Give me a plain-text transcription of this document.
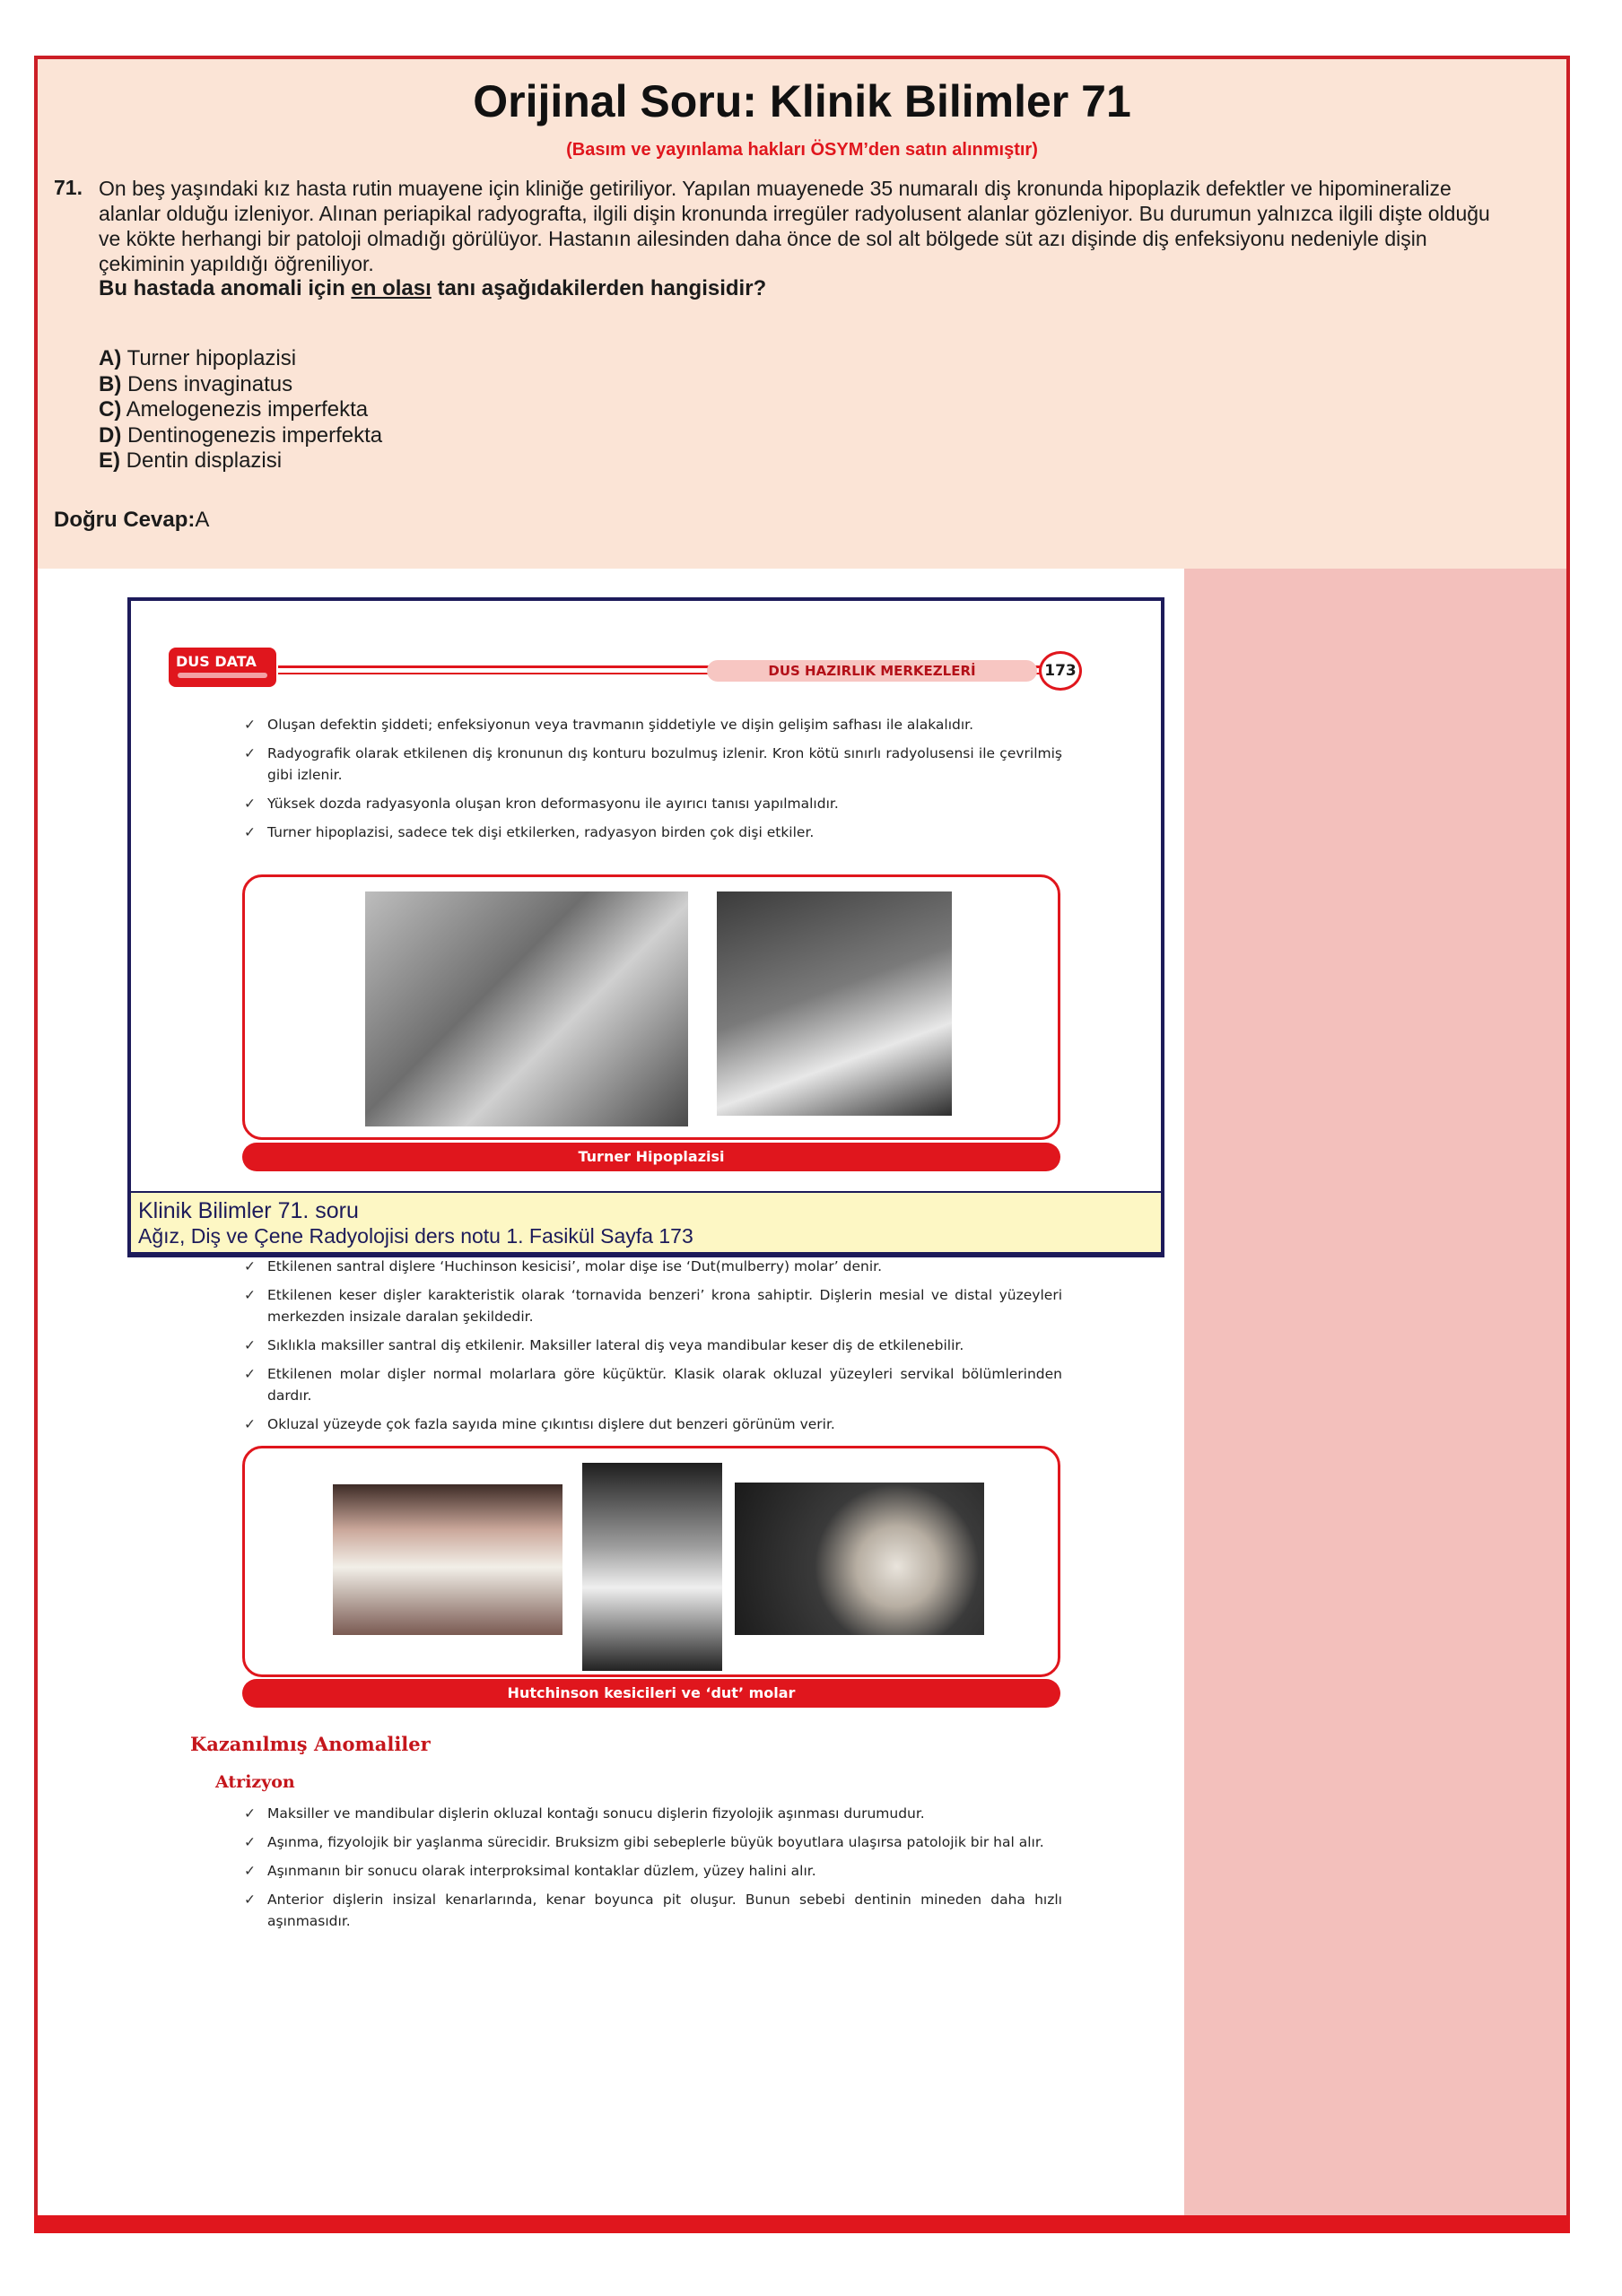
Orijinal Soru: Klinik Bilimler 71
(Basım ve yayınlama hakları ÖSYM’den satın alınmıştır)
71. On beş yaşındaki kız hasta rutin muayene için kliniğe getiriliyor. Yapılan muayenede 35 numaralı diş kronunda hipoplazik defektler ve hipomineralize alanlar olduğu izleniyor. Alınan periapikal radyografta, ilgili dişin kronunda irregüler radyolusent alanlar gözleniyor. Bu durumun yalnızca ilgili dişte olduğu ve kökte herhangi bir patoloji olmadığı görülüyor. Hastanın ailesinden daha önce de sol alt bölgede süt azı dişinde diş enfeksiyonu nedeniyle dişin çekiminin yapıldığı öğreniliyor.
Bu hastada anomali için en olası tanı aşağıdakilerden hangisidir?
A) Turner hipoplazisi
B) Dens invaginatus
C) Amelogenezis imperfekta
D) Dentinogenezis imperfekta
E) Dentin displazisi
Doğru Cevap:A
DUS DATA
DUS HAZIRLIK MERKEZLERİ	173
✓ Oluşan defektin şiddeti; enfeksiyonun veya travmanın şiddetiyle ve dişin gelişim safhası ile alakalıdır.
✓ Radyografik olarak etkilenen diş kronunun dış konturu bozulmuş izlenir. Kron kötü sınırlı radyolusensi ile çevrilmiş gibi izlenir.
✓ Yüksek dozda radyasyonla oluşan kron deformasyonu ile ayırıcı tanısı yapılmalıdır.
✓ Turner hipoplazisi, sadece tek dişi etkilerken, radyasyon birden çok dişi etkiler.
Turner Hipoplazisi
✓ Etkilenen santral dişlere ‘Huchinson kesicisi’, molar dişe ise ‘Dut(mulberry) molar’ denir.
✓ Etkilenen keser dişler karakteristik olarak ‘tornavida benzeri’ krona sahiptir. Dişlerin mesial ve distal yüzeyleri merkezden insizale daralan şekildedir.
✓ Sıklıkla maksiller santral diş etkilenir. Maksiller lateral diş veya mandibular keser diş de etkilenebilir.
✓ Etkilenen molar dişler normal molarlara göre küçüktür. Klasik olarak okluzal yüzeyleri servikal bölümlerinden dardır.
✓ Okluzal yüzeyde çok fazla sayıda mine çıkıntısı dişlere dut benzeri görünüm verir.
Hutchinson kesicileri ve ‘dut’ molar
Kazanılmış Anomaliler
Atrizyon
✓ Maksiller ve mandibular dişlerin okluzal kontağı sonucu dişlerin fizyolojik aşınması durumudur.
✓ Aşınma, fizyolojik bir yaşlanma sürecidir. Bruksizm gibi sebeplerle büyük boyutlara ulaşırsa patolojik bir hal alır.
✓ Aşınmanın bir sonucu olarak interproksimal kontaklar düzlem, yüzey halini alır.
✓ Anterior dişlerin insizal kenarlarında, kenar boyunca pit oluşur. Bunun sebebi dentinin mineden daha hızlı aşınmasıdır.
Klinik Bilimler 71. soru
Ağız, Diş ve Çene Radyolojisi ders notu 1. Fasikül Sayfa 173
